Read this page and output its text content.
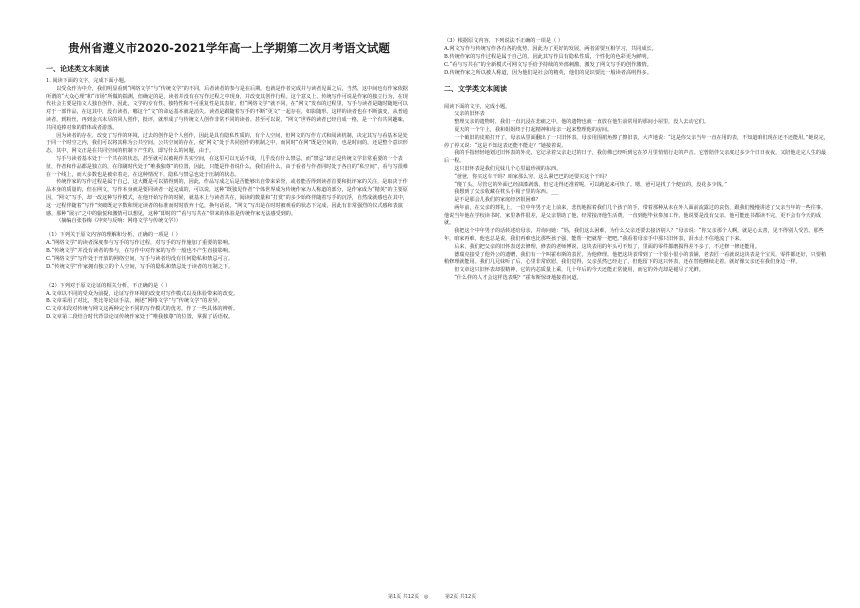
贵州省遵义市2020-2021学年高一上学期第二次月考语文试题
一、论述类文本阅读

1. 阅读下面的文字，完成下面小题。

以受众作为中介，我们明显看到“网络文学”与“传统文学”的不同，后者读者的参与是在后期，也就是作者完成并与读者见面之后，当然，这中间也有作家依据所谓的“大众心理”和“市场”所做的揣测，但确定的是，读者并没有在写作过程之中现身，并改变其创作行程。这个意义上，传统写作可说是作家的独立行为，在现代社会主要是指文人独自创作，因此，文学的专有性、独特性和不可重复性是其表征，但“网络文学”就不同。在“网文”发布的过程里，写手与读者是随时随地可以对于一部作品，在这其中，没有读者，哪这个“文”的命运基本就是消失。读者是跟随着写手的不断“更文”一起存在，如影随形。这样的读者也在不断演变，从普通读者，到粉丝，再到金兴未尽的同人创作，批评，就形成了与传统文人创作非常不同的读者。甚至可以说，“网文”世界的读者已经自成一格，是一个有共同趣味，共同追捧对象的群体或者游落。

因为读者的存在，改变了写作的环境，过去的创作是个人创作，因此是具有隐私性质的，有个人空间，但网文的写作方式和阅读机制，决定其写与看基本是处于同一个时空之内，我们可以将其称为公共空间。公共空间的存在，使“网文”处于共同创作的机制之中，而同时“在网”既是空间的，也是时间的，还是整个意识形态，其中，网文正是在共同空间的机制下产生的，即写什么的问题，由于。

写手与读者基本处于一个共在的状态，甚至就可以被视作共实空间，在这里可以无话不谈，几乎没有什么禁忌，而“禁忌”却正是传统文学非常重要的一个表征，作者和作品都是独立的，在印刷时代处于“唯我独尊”的位置，因此，只能是作者说什么，我们看什么，由于看者与作者同时处于各自的“私空间”，看与写很难在一个线上，而大多数也是被牵着走，在这种情况下，隐私与禁忌也处于压制的状态。

传统作家的写作过程是属于自己，这大概是可以猜得到的，因此，作品写成之后是否能够出自带来荣誉，或者能否得到读者首要和批评家的关注，是取决于作品本身的质量的，但在网文，写作本身就是要同读者一起完成的，可以说，这种“既独见作者”个体世界成为传统作家为人称道的部分，是作家成为“精英”的主要原因，“网文”写手，却一改这种写作模式，在他开始写作的时候，就基本上与读者共在，阅读的数量和“打赏”的多少始终伴随着写手的沉浮，自然成就感也在其中，这一过程伴随着“写作”突破既定字数和规定读者的标准而时时放弃十亿，换句话说，“网文”写出是在时时被观看的状态下完成，因此有非常强烈的仪式感和表演感，那种“展示”之中的愉悦和激情可以想见，这种“即时的”“看与写共在”带来的体验是传统作家无法感受到的。

（摘编自张春梅《冲突与反响：网络文学与传统文学》）

（1）下列关于原文内容的理解和分析，正确的一项是（ ）

A.“网络文学”的读者深度参与写手的写作过程，对写手的写作施加了重要的影响。

B.“传统文学”并没有读者的参与，在写作中对作家的写作一般也不产生直接影响。

C.“网络文学”写作处于开放的网络空间，写手与读者均没有任何隐私和禁忌可言。

D.“传统文学”作家拥有独立的个人空间，写手的隐私和禁忌处于读者的压制之下。

（2）下列对于原文论证的相关分析，不正确的是（ ）

A.文章以不同的受众为前提，论证写作环境的改变对写作模式以及体验带来的改变。

B.文章采用了对比，类比等论证手法，阐述“网络文学”与“传统文学”的差异。

C.文章末段对传统与网文这两种完全不同的写作模式的优劣，作了一些具体的辨析。

D.文章第二段结合时代背景论证传统作家处于“唯我独尊”的位置，掌握了话语权。

（3）根据原文内容，下列说法不正确的一项是（ ）

A.网文写作与传统写作各有各的优势，因此为了更好的发展，两者需要互相学习，共同成长。

B.传统作家的写作过程是属于自己的，因此其写作具有隐私性质，个性化的色彩更为鲜明。

C.“看与写共在”的全新模式可网文写手给予持续的外部刺激，激发了网文写手的创作激情。

D.传统作家之所以被人称道，因为他们是社会的精英，他们的见识要比一般读者高明得多。

二、文学类文本阅读

阅读下面的文字，完成小题。

父亲的旧怀表

整理父亲的遗物时，我们一直沉浸在悲痛之中，他的遗物也就一直放在他生前常用的那间小屋里，没人去动它们。

夏天的一个午上，我和姐姐终于打起精神和母亲一起来整理他的房间。

一个破旧的皮箱打开了，母亲从里面翻出了一只旧怀表。母亲用围裙角擦了擦旧表，大声地说：“这是你父亲当年一直在用的表，不知道咱们现在还不还能用。”她说完，停了停又说：“这是不知这表还能不能走？”她接着说。

我的手指轻轻地划过旧怀表的外壳，它记录着父亲走过的日子，我仿佛已经听到它在岁月里悄悄行走的声音。它曾陪伴父亲度过多少个日日夜夜，又陪他走完人生的最后一程。

这只旧怀表是我们兄妹几个心里最珍视的东西。

“爸爸，你买这车干吗？咱家那么穷，这么紧巴巴的还要买这个干吗？

“傻丫头，尽管它的外面已经油漆剥落，但它走得还准着呢，可以跑起来可快了。嗯，爸可是找了个便宜的，没花多少钱。”

我想到了父亲收藏在枕头小箱子里的东西。___

是不是那会儿我们的家庭经济很困难？

两年前，在父亲的葬礼上，一位中年男子走上前来，悲伤地握着我们几个孩子的手，带着那种从未在外人面前流露过的哀伤，跟我们慢慢讲述了父亲当年的一些往事。他说当年他在学校读书时，家里条件很差，是父亲帮助了他，经常接济他生活费，一直到他毕业参加工作。他说要是没有父亲，他可能连书都读不完，更不会有今天的成就。

我把这个中年男子的话转述给母亲，并询问她：“妈，我们这么困难，为什么父亲还要去接济别人？”母亲说：“你父亲那个人啊，就是心太善，见不得别人受苦。那些年，咱家再难，他也总是说，我们再难也比那些孩子强，能帮一把就帮一把吧。”我看着母亲手中那只旧怀表，泪水止不住地流了下来。

后来，我们把父亲的旧怀表送去修理，修表的老师傅说，这块表用的年头可不短了，里面的零件都磨损得差不多了，不过修一修还能用。

德瑞克接受了他外公的遗赠，我们有一个叫霍布斯的表匠，为他修理。他把这块表带到了一个很小很小的表铺，老表匠一看就说这块表是个宝贝，零件都还好，只要稍稍修理就能用。我们几兄妹听了后，心里非常欣慰，我们觉得，父亲虽然已经走了，但他留下的这只怀表，还在替他继续走着，就好像父亲还在我们身边一样。

但文章这只旧怀表却很精神，它的内芯质量上乘，几十年后的今天还能正常使用，而它的外壳却是褪尽了光鲜。

“什么样的人才会这样选表呢？”霍布斯惊讶地接着问道。

第1页 共12页 ◎	第2页 共12页
